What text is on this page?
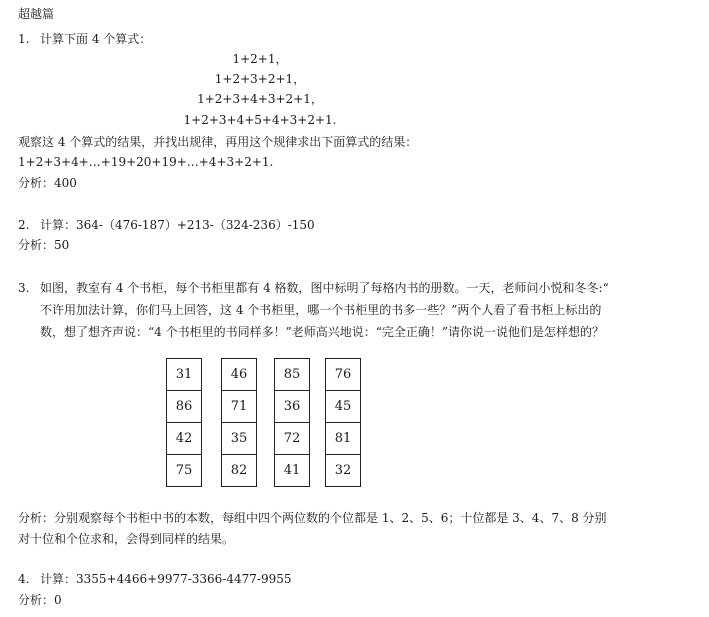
超越篇
1. 计算下面 4 个算式：
1+2+1，
1+2+3+2+1，
1+2+3+4+3+2+1，
1+2+3+4+5+4+3+2+1.
观察这 4 个算式的结果，并找出规律，再用这个规律求出下面算式的结果：
1+2+3+4+…+19+20+19+…+4+3+2+1.
分析：400
2. 计算：364-（476-187）+213-（324-236）-150
分析：50
3. 如图，教室有 4 个书柜，每个书柜里都有 4 格数，图中标明了每格内书的册数。一天，老师问小悦和冬冬:“
不许用加法计算，你们马上回答，这 4 个书柜里，哪一个书柜里的书多一些？”两个人看了看书柜上标出的
数，想了想齐声说：“4 个书柜里的书同样多！”老师高兴地说：“完全正确！”请你说一说他们是怎样想的？
31
86
42
75
46
71
35
82
85
36
72
41
76
45
81
32
分析：分别观察每个书柜中书的本数，每组中四个两位数的个位都是 1、2、5、6；十位都是 3、4、7、8 分别
对十位和个位求和，会得到同样的结果。
4. 计算：3355+4466+9977-3366-4477-9955
分析：0
